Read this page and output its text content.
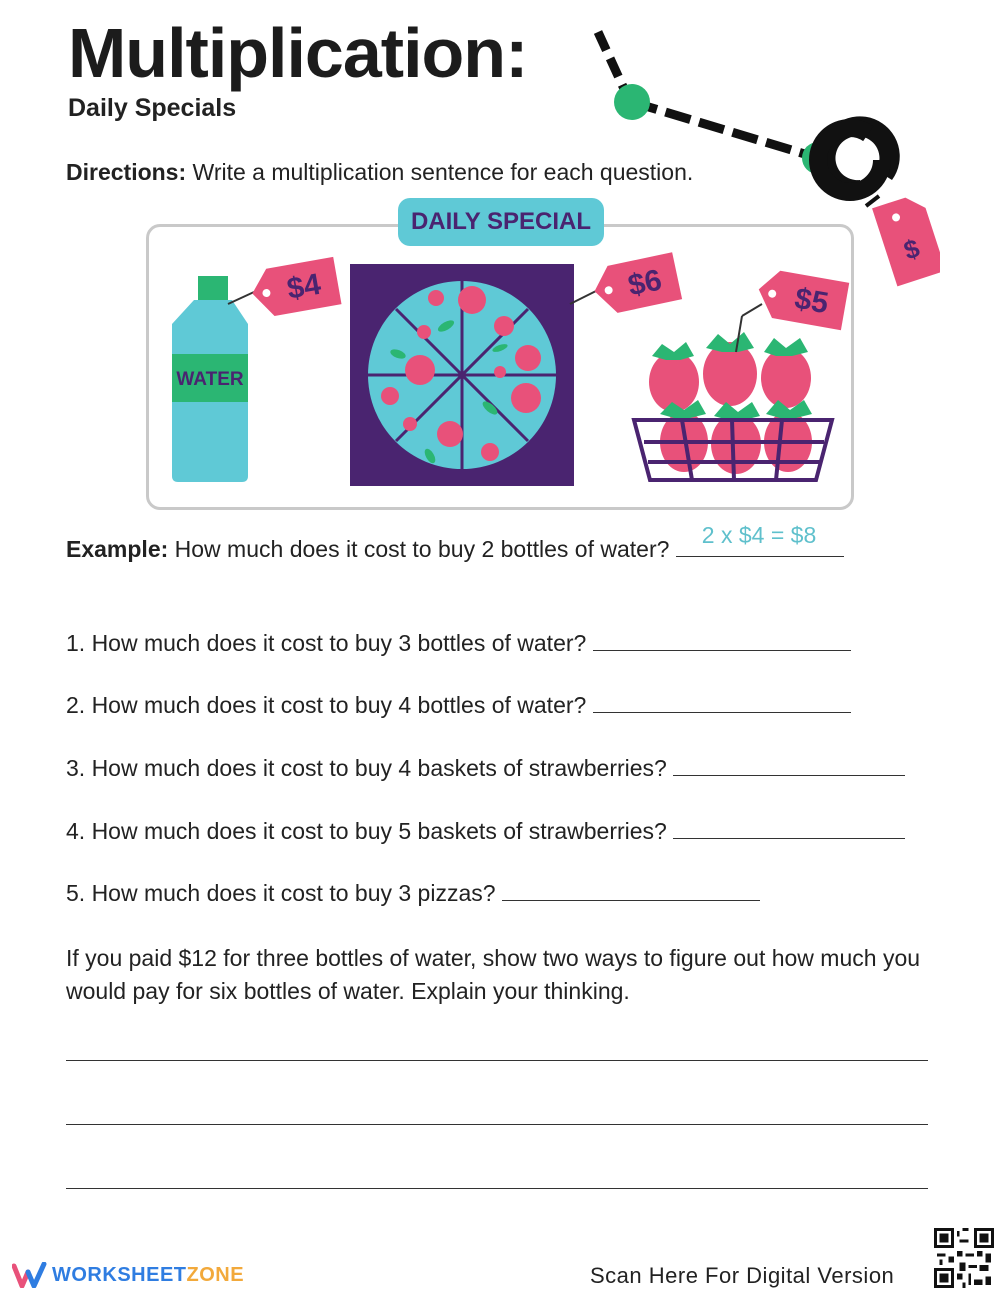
Multiplication:
Daily Specials
$
Directions: Write a multiplication sentence for each question.
DAILY SPECIAL
WATER
$4	$6	$5
Example: How much does it cost to buy 2 bottles of water?
2 x $4 = $8
1. How much does it cost to buy 3 bottles of water?
2. How much does it cost to buy 4 bottles of water?
3. How much does it cost to buy 4 baskets of strawberries?
4. How much does it cost to buy 5 baskets of strawberries?
5. How much does it cost to buy 3 pizzas?
If you paid $12 for three bottles of water, show two ways to figure out how much you would pay for six bottles of water. Explain your thinking.
WORKSHEETZONE	Scan Here For Digital Version
